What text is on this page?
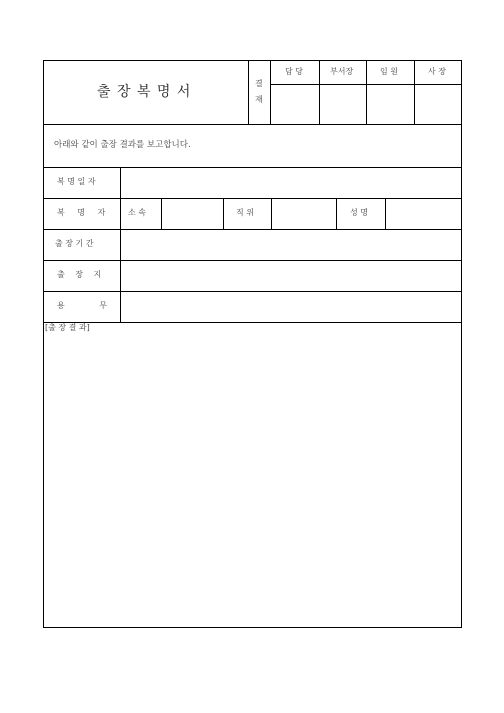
출 장 복 명 서
결
재
담 당	부서장	임 원	사 장
아래와 같이 출장 결과를 보고합니다.
복 명 일 자
복 명 자	소 속	직 위	성 명
출 장 기 간
출 장 지
용 무
[출 장 결 과]
